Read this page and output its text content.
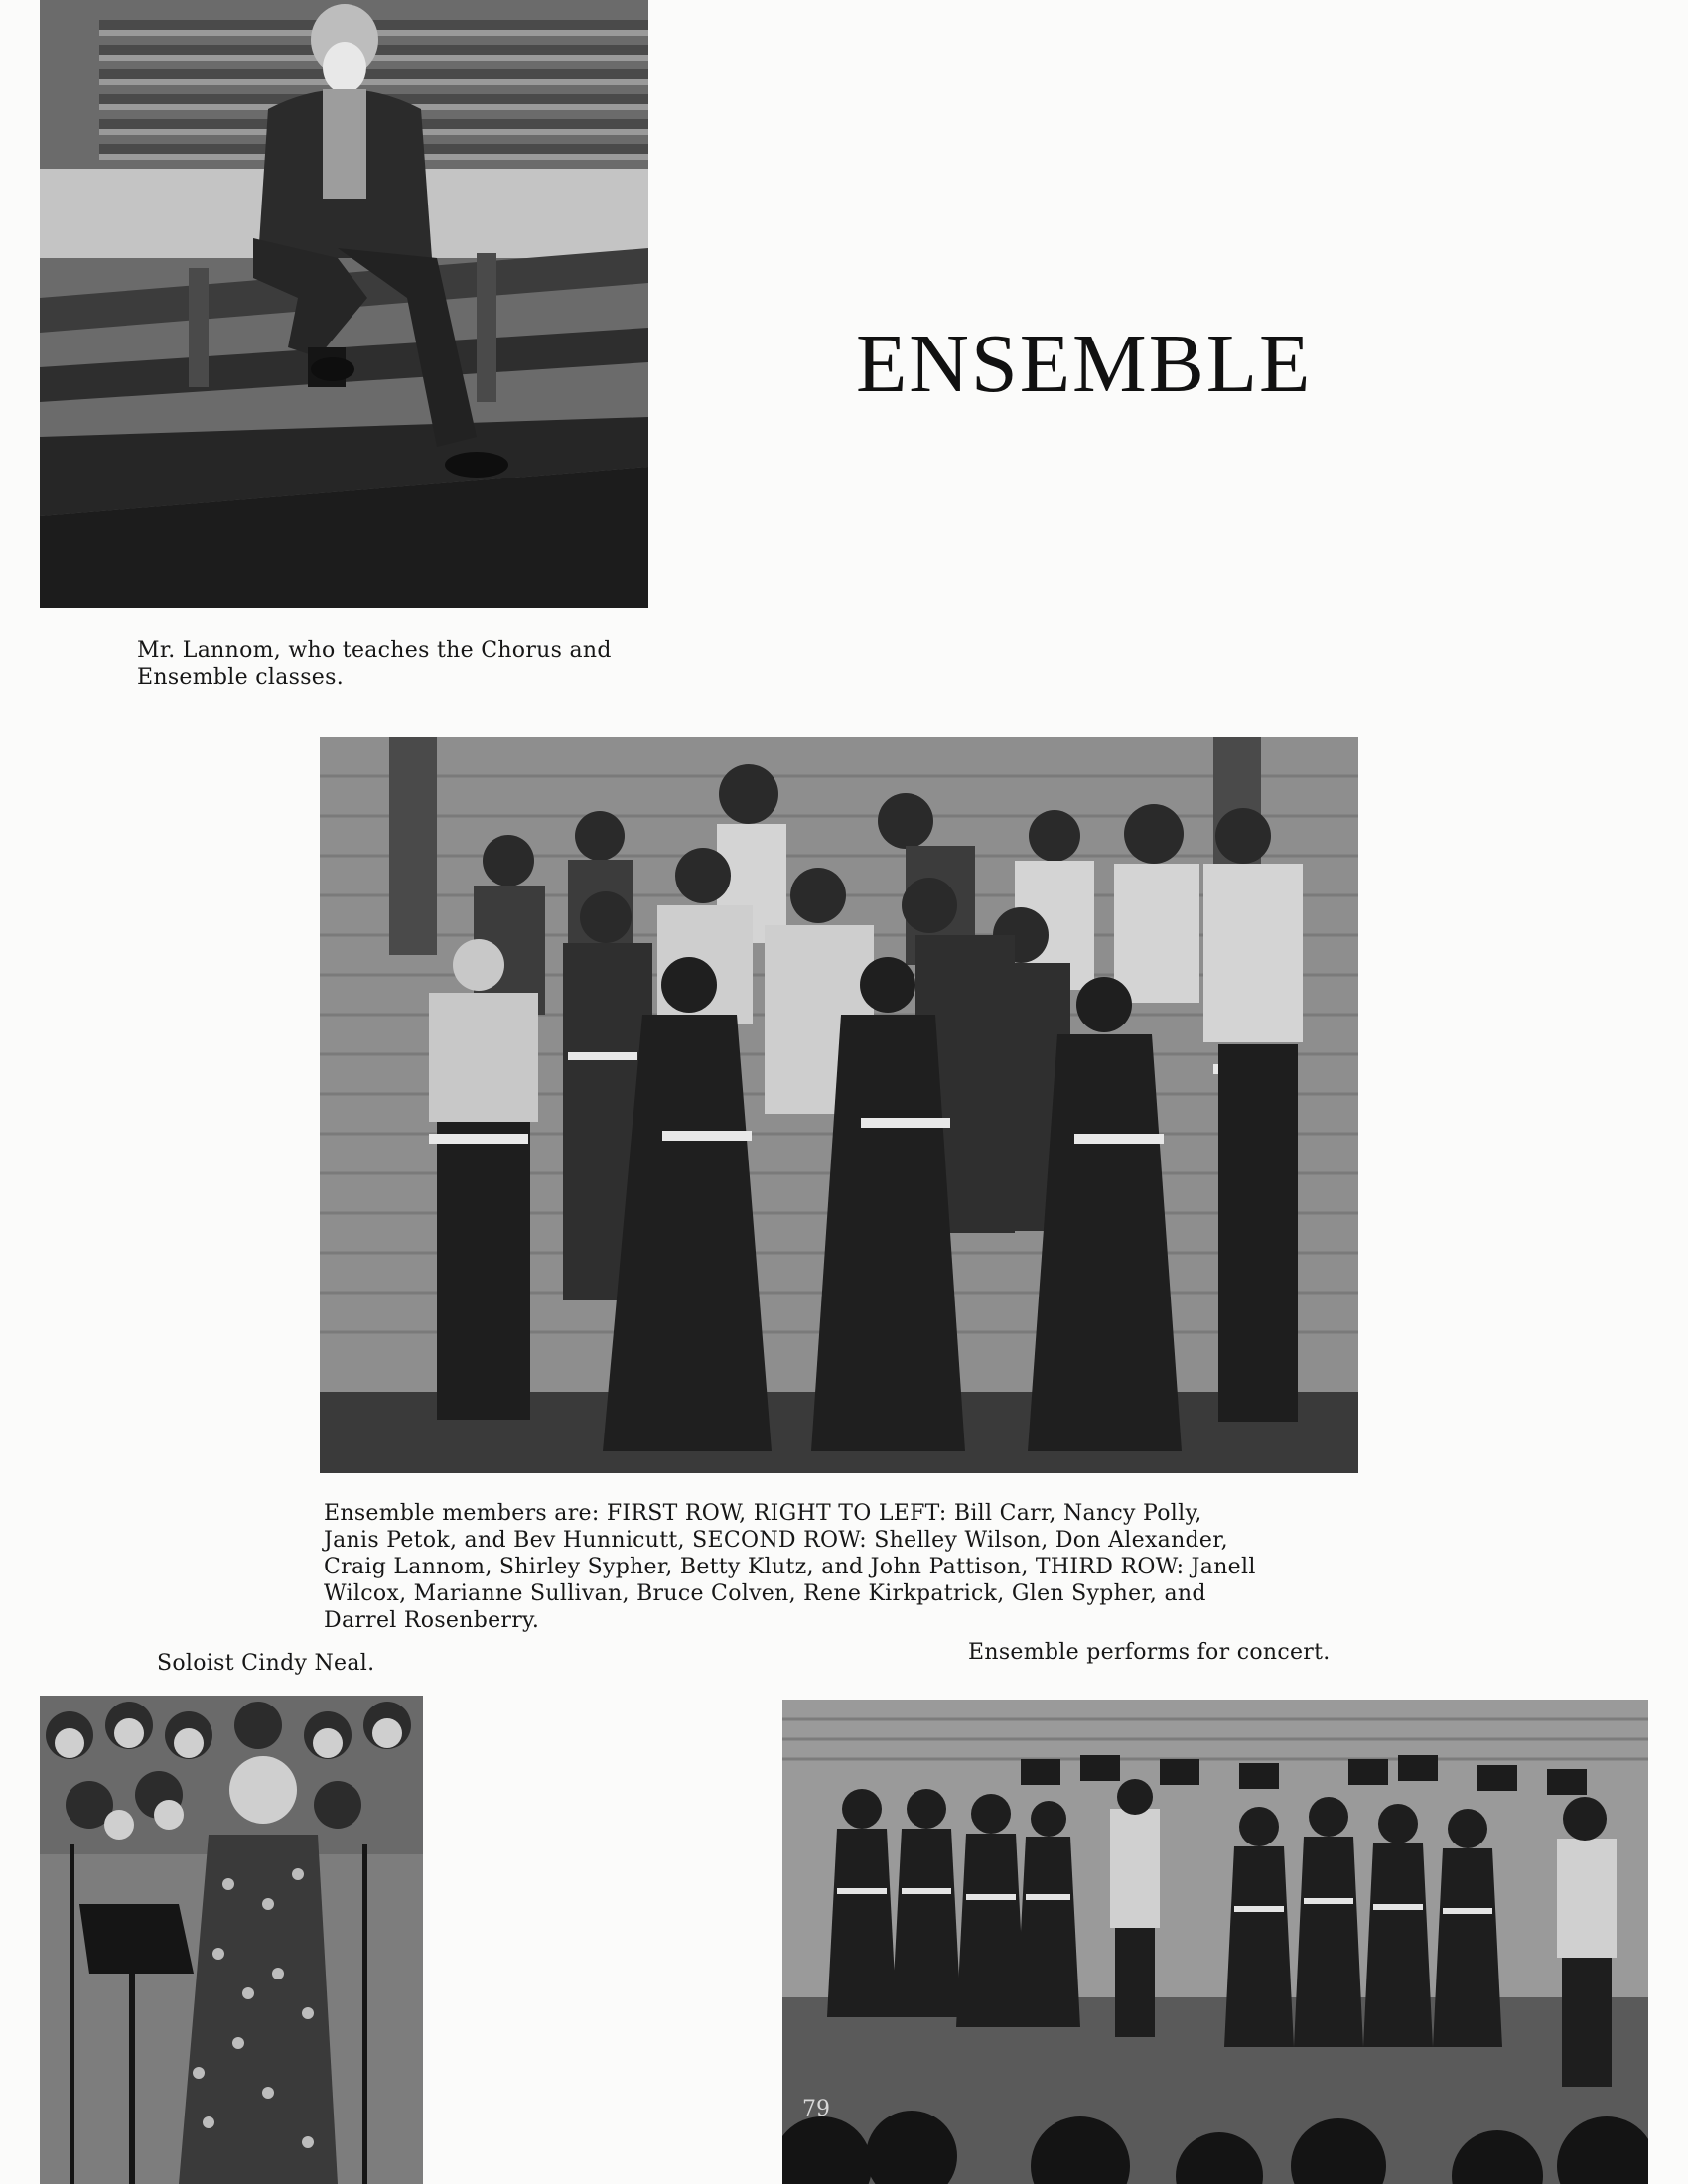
ENSEMBLE
Mr. Lannom, who teaches the Chorus and
Ensemble classes.
Ensemble members are: FIRST ROW, RIGHT TO LEFT: Bill Carr, Nancy Polly,
Janis Petok, and Bev Hunnicutt, SECOND ROW: Shelley Wilson, Don Alexander,
Craig Lannom, Shirley Sypher, Betty Klutz, and John Pattison, THIRD ROW: Janell
Wilcox, Marianne Sullivan, Bruce Colven, Rene Kirkpatrick, Glen Sypher, and
Darrel Rosenberry.
Soloist Cindy Neal.	Ensemble performs for concert.
79
